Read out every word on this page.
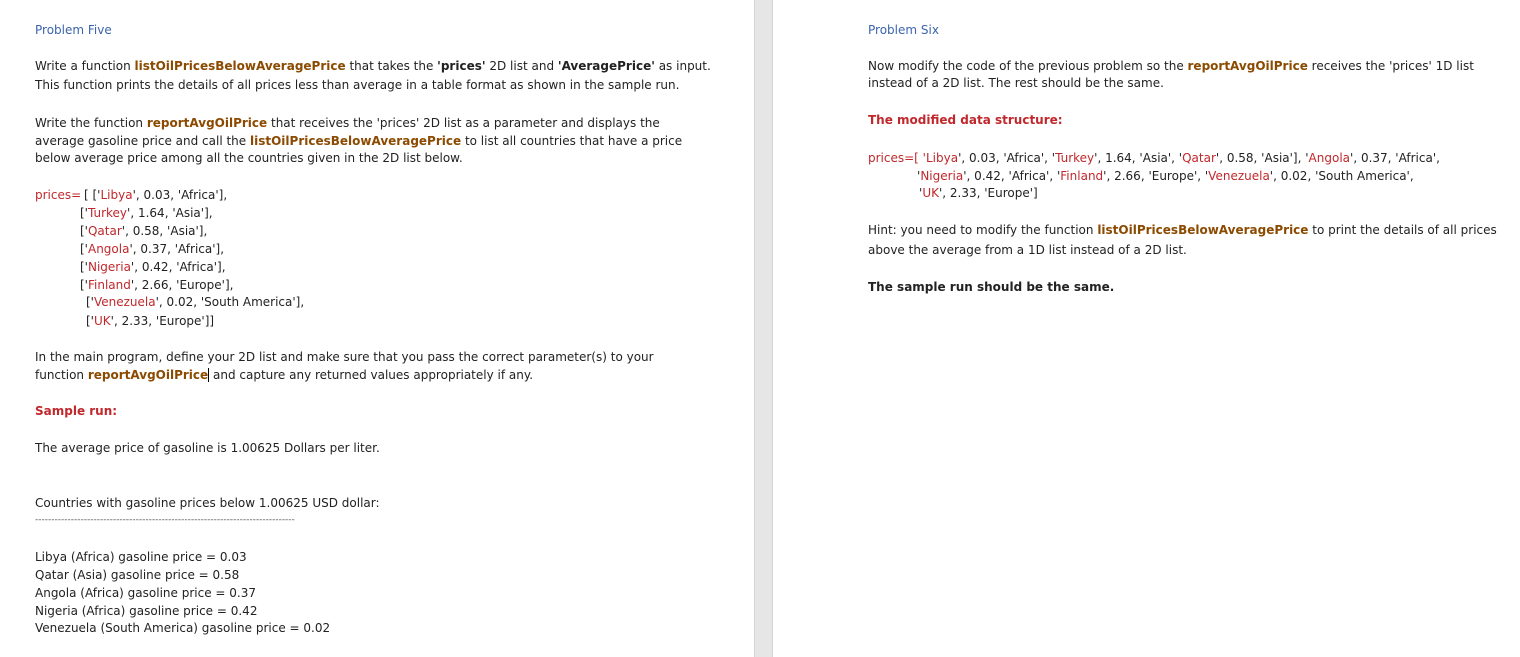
Problem Five
Write a function listOilPricesBelowAveragePrice that takes the 'prices' 2D list and 'AveragePrice' as input.
This function prints the details of all prices less than average in a table format as shown in the sample run.
Write the function reportAvgOilPrice that receives the 'prices' 2D list as a parameter and displays the
average gasoline price and call the listOilPricesBelowAveragePrice to list all countries that have a price
below average price among all the countries given in the 2D list below.
prices= [ ['Libya', 0.03, 'Africa'],
['Turkey', 1.64, 'Asia'],
['Qatar', 0.58, 'Asia'],
['Angola', 0.37, 'Africa'],
['Nigeria', 0.42, 'Africa'],
['Finland', 2.66, 'Europe'],
['Venezuela', 0.02, 'South America'],
['UK', 2.33, 'Europe']]
In the main program, define your 2D list and make sure that you pass the correct parameter(s) to your
function reportAvgOilPrice and capture any returned values appropriately if any.
Sample run:
The average price of gasoline is 1.00625 Dollars per liter.
Countries with gasoline prices below 1.00625 USD dollar:
--------------------------------------------------------------------------------
Libya (Africa) gasoline price = 0.03
Qatar (Asia) gasoline price = 0.58
Angola (Africa) gasoline price = 0.37
Nigeria (Africa) gasoline price = 0.42
Venezuela (South America) gasoline price = 0.02
Problem Six
Now modify the code of the previous problem so the reportAvgOilPrice receives the 'prices' 1D list
instead of a 2D list. The rest should be the same.
The modified data structure:
prices=[ 'Libya', 0.03, 'Africa', 'Turkey', 1.64, 'Asia', 'Qatar', 0.58, 'Asia'], 'Angola', 0.37, 'Africa',
'Nigeria', 0.42, 'Africa', 'Finland', 2.66, 'Europe', 'Venezuela', 0.02, 'South America',
'UK', 2.33, 'Europe']
Hint: you need to modify the function listOilPricesBelowAveragePrice to print the details of all prices
above the average from a 1D list instead of a 2D list.
The sample run should be the same.
